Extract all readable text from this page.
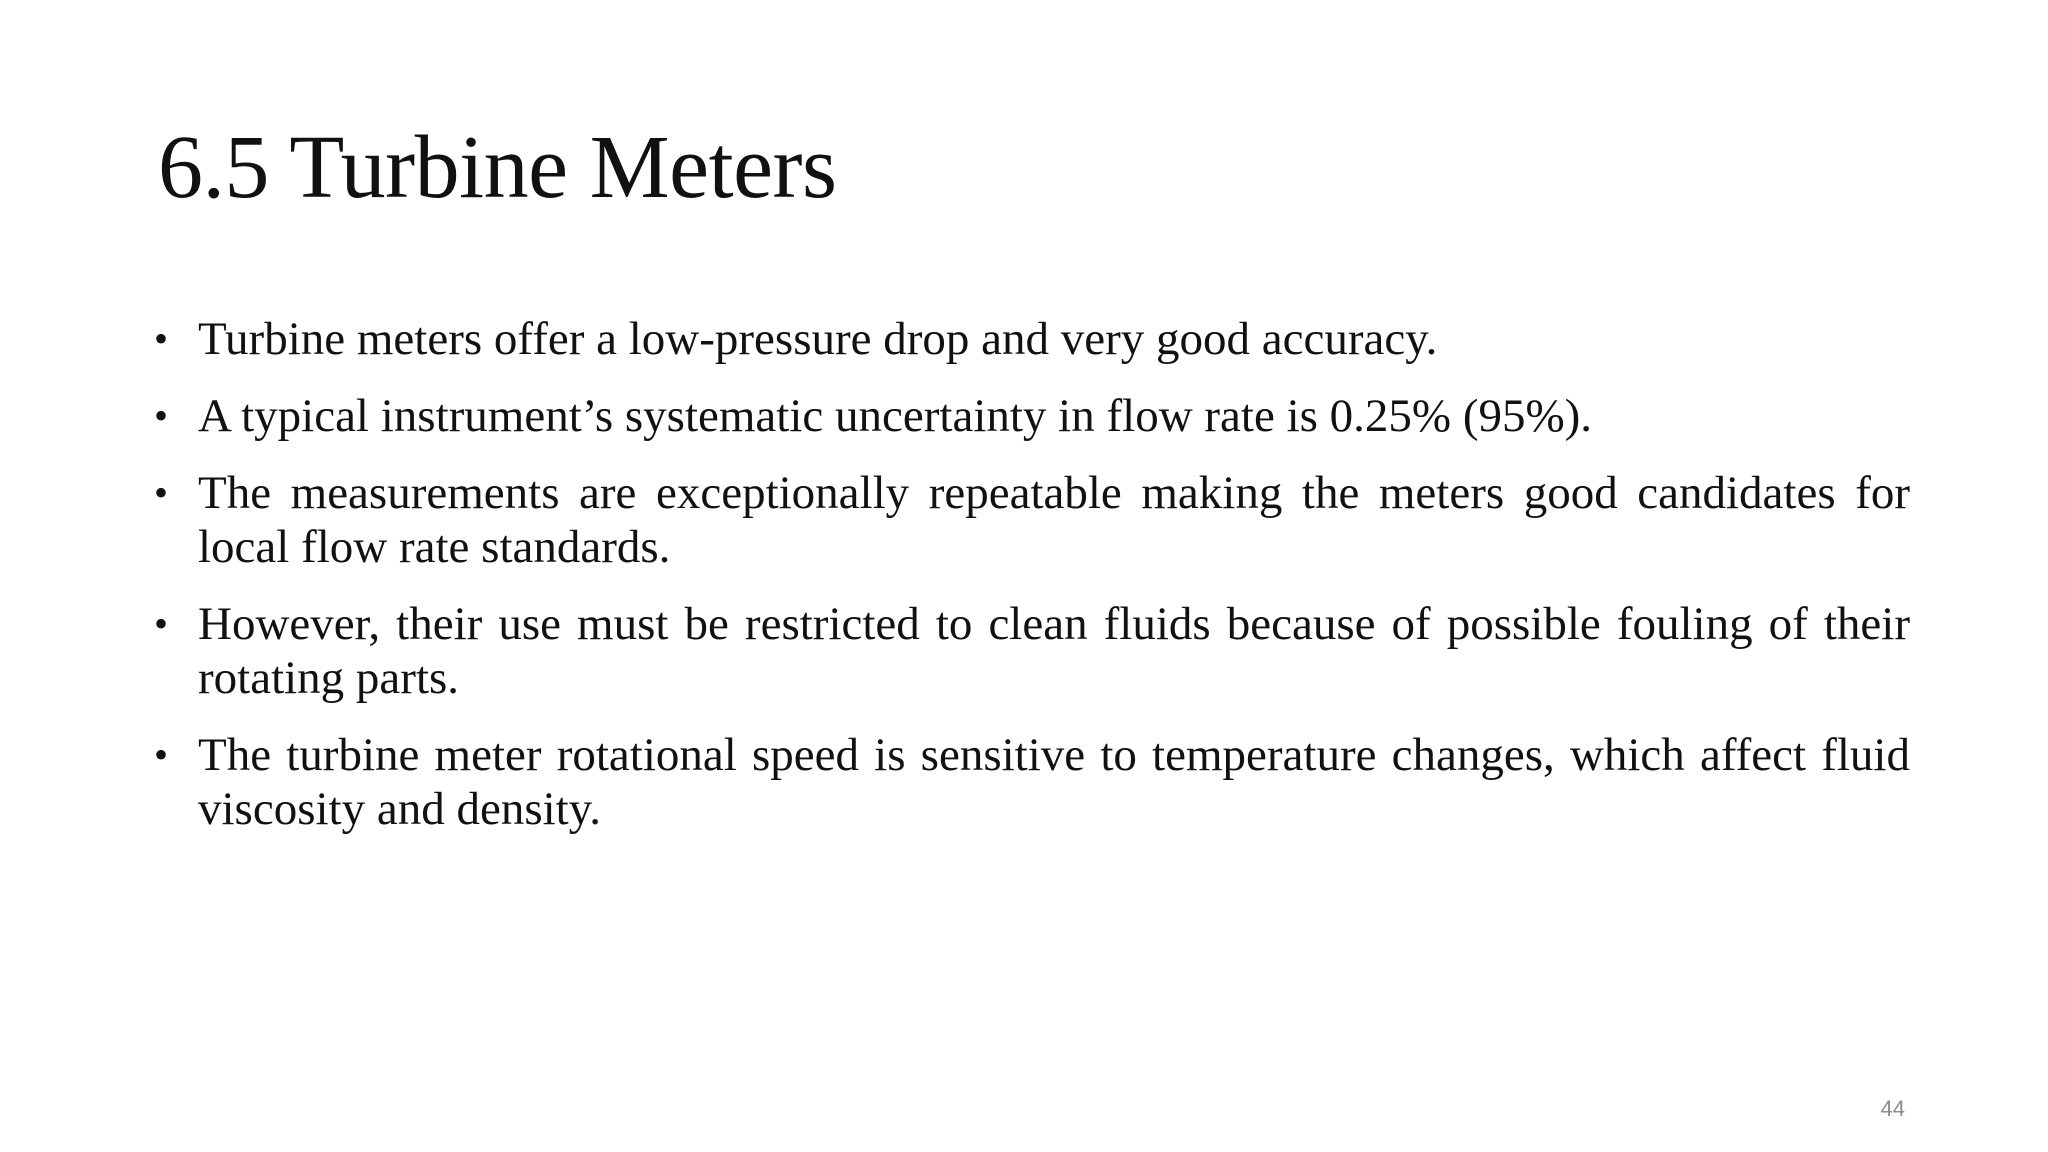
6.5 Turbine Meters
• Turbine meters offer a low-pressure drop and very good accuracy.
• A typical instrument’s systematic uncertainty in flow rate is 0.25% (95%).
• The measurements are exceptionally repeatable making the meters good candidates for local flow rate standards.
• However, their use must be restricted to clean fluids because of possible fouling of their rotating parts.
• The turbine meter rotational speed is sensitive to temperature changes, which affect fluid viscosity and density.
44
